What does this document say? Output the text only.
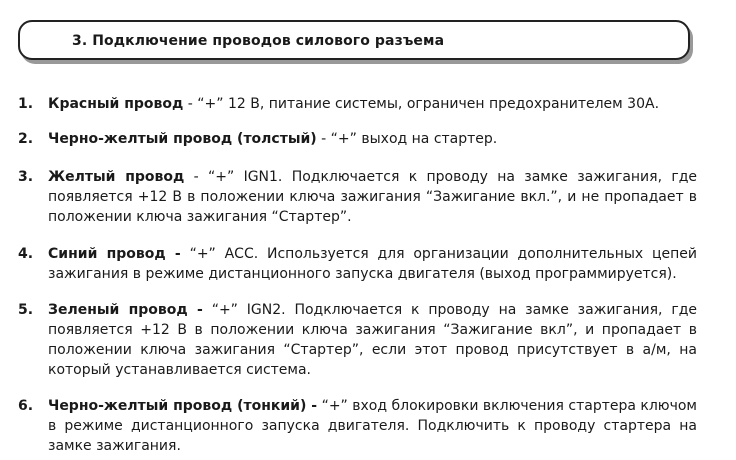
3. Подключение проводов силового разъема
1. Красный провод - “+” 12 В, питание системы, ограничен предохранителем 30А.
2. Черно-желтый провод (толстый) - “+” выход на стартер.
3. Желтый провод - “+” IGN1. Подключается к проводу на замке зажигания, где появляется +12 В в положении ключа зажигания “Зажигание вкл.”, и не пропадает в положении ключа зажигания “Стартер”.
4. Синий провод - “+” АСС. Используется для организации дополнительных цепей зажигания в режиме дистанционного запуска двигателя (выход программируется).
5. Зеленый провод - “+” IGN2. Подключается к проводу на замке зажигания, где появляется +12 В в положении ключа зажигания “Зажигание вкл”, и пропадает в положении ключа зажигания “Стартер”, если этот провод присутствует в а/м, на который устанавливается система.
6. Черно-желтый провод (тонкий) - “+” вход блокировки включения стартера ключом в режиме дистанционного запуска двигателя. Подключить к проводу стартера на замке зажигания.
